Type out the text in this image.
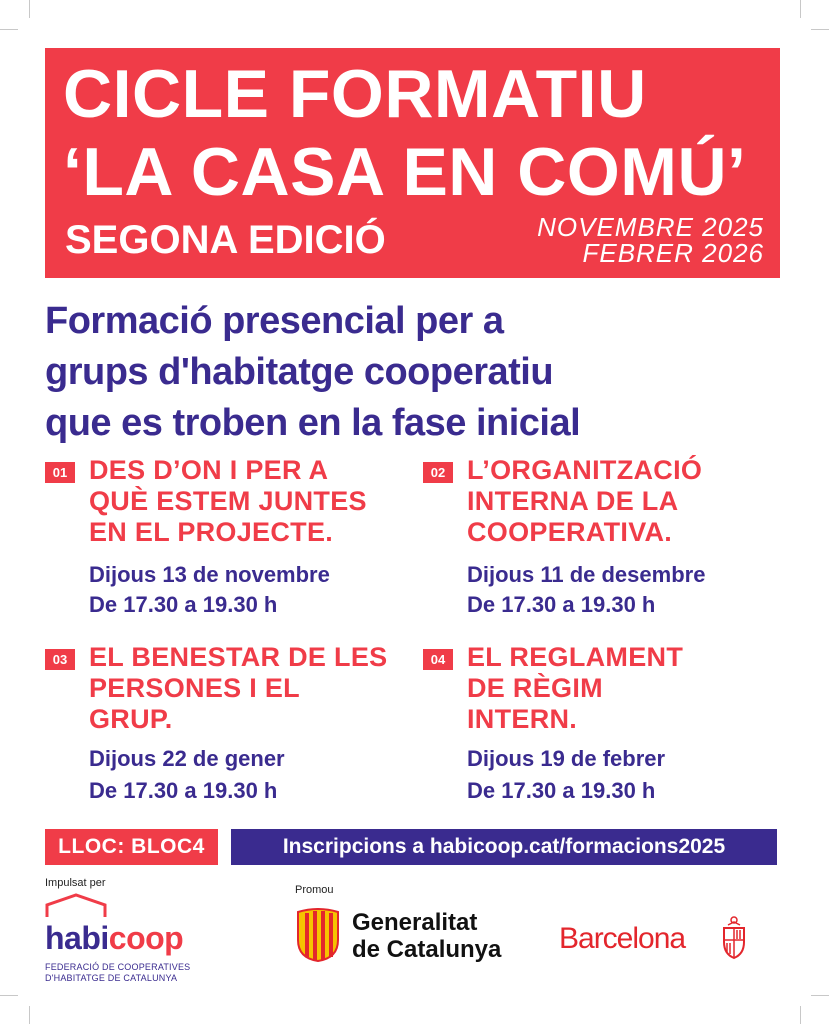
CICLE FORMATIU
‘LA CASA EN COMÚ’
SEGONA EDICIÓ	NOVEMBRE 2025
FEBRER 2026
Formació presencial per a
grups d'habitatge cooperatiu
que es troben en la fase inicial
01 DES D’ON I PER A QUÈ ESTEM JUNTES EN EL PROJECTE.
Dijous 13 de novembre
De 17.30 a 19.30 h
02 L’ORGANITZACIÓ INTERNA DE LA COOPERATIVA.
Dijous 11 de desembre
De 17.30 a 19.30 h
03 EL BENESTAR DE LES PERSONES I EL GRUP.
Dijous 22 de gener
De 17.30 a 19.30 h
04 EL REGLAMENT DE RÈGIM INTERN.
Dijous 19 de febrer
De 17.30 a 19.30 h
LLOC: BLOC4	Inscripcions a habicoop.cat/formacions2025
Impulsat per
habicoop
FEDERACIÓ DE COOPERATIVES
D'HABITATGE DE CATALUNYA
Promou
Generalitat
de Catalunya Barcelona
